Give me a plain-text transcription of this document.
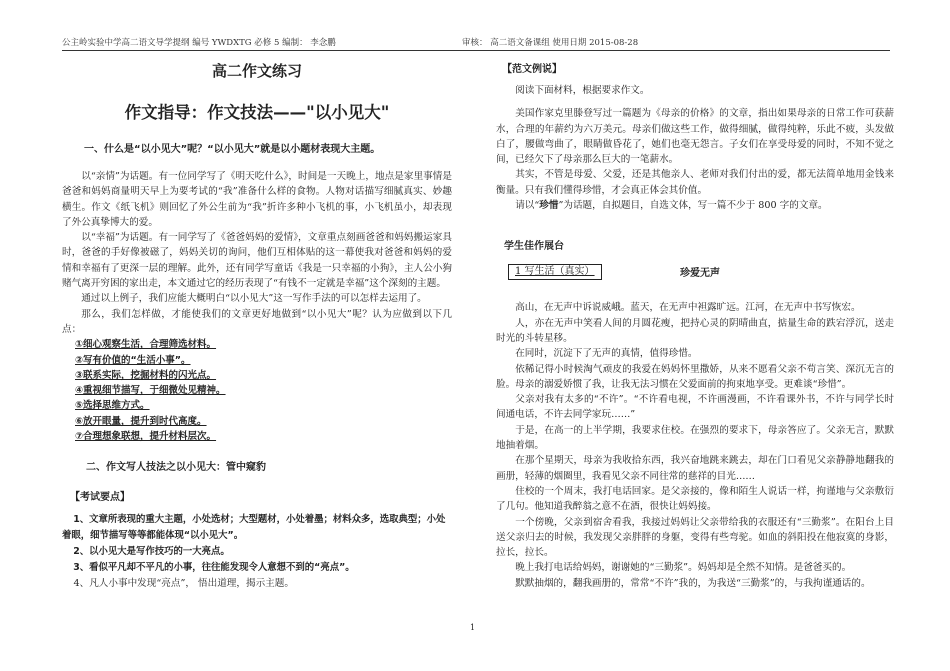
公主岭实验中学高二语文导学提纲 编号 YWDXTG 必修 5 编制： 李念鹏	审核： 高二语文备课组 使用日期 2015-08-28
高二作文练习
作文指导：作文技法——"以小见大"
一、什么是“以小见大”呢？“以小见大”就是以小题材表现大主题。

以“亲情”为话题。有一位同学写了《明天吃什么》，时间是一天晚上，地点是家里事情是爸爸和妈妈商量明天早上为要考试的“我”准备什么样的食物。人物对话描写细腻真实、妙趣横生。作文《纸飞机》则回忆了外公生前为“我”折许多种小飞机的事，小飞机虽小，却表现了外公真挚博大的爱。

以“幸福”为话题。有一同学写了《爸爸妈妈的爱情》，文章重点刻画爸爸和妈妈搬运家具时，爸爸的手好像被磁了，妈妈关切的询问，他们互相体贴的这一幕使我对爸爸和妈妈的爱情和幸福有了更深一层的理解。此外，还有同学写童话《我是一只幸福的小狗》，主人公小狗赌气离开穷困的家出走，本文通过它的经历表现了“有钱不一定就是幸福”这个深刻的主题。

通过以上例子，我们应能大概明白“以小见大”这一写作手法的可以怎样去运用了。

那么，我们怎样做，才能使我们的文章更好地做到“以小见大”呢？认为应做到以下几点：

①细心观察生活，合理筛选材料。
②写有价值的“生活小事”。
③联系实际，挖掘材料的闪光点。
④重视细节描写，于细微处见精神。
⑤选择思维方式。
⑥放开眼量，提升到时代高度。
⑦合理想象联想，提升材料层次。
二、作文写人技法之以小见大：管中窥豹
【考试要点】

1、文章所表现的重大主题，小处选材；大型题材，小处着墨；材料众多，选取典型；小处着眼，细节描写等等都能体现“以小见大”。

2、以小见大是写作技巧的一大亮点。

3、看似平凡却不平凡的小事，往往能发现令人意想不到的“亮点”。

4、凡人小事中发现“亮点”， 悟出道理，揭示主题。

【范文例说】

阅读下面材料，根据要求作文。

美国作家克里滕登写过一篇题为《母亲的价格》的文章，指出如果母亲的日常工作可获薪水，合理的年薪约为六万美元。母亲们做这些工作，做得细腻，做得纯粹，乐此不疲，头发做白了，腰做弯曲了，眼睛做昏花了，她们也毫无怨言。子女们在享受母爱的同时，不知不觉之间，已经欠下了母亲那么巨大的一笔薪水。

其实，不管是母爱、父爱，还是其他亲人、老师对我们付出的爱，都无法简单地用金钱来衡量。只有我们懂得珍惜，才会真正体会其价值。

请以“珍惜”为话题，自拟题目，自选文体，写一篇不少于 800 字的文章。

学生佳作展台
1 写生活（真实）	珍爱无声

高山，在无声中诉说威峨。蓝天，在无声中袒露旷远。江河，在无声中书写恢宏。

人，亦在无声中笑看人间的月圆花瘦，把持心灵的阴晴曲直，掂量生命的跌宕浮沉，送走时光的斗转星移。

在同时，沉淀下了无声的真情，值得珍惜。

依稀记得小时候淘气顽皮的我爱在妈妈怀里撒娇，从来不愿看父亲不苟言笑、深沉无言的脸。母亲的溺爱娇惯了我，让我无法习惯在父爱面前的拘束地享受。更难谈“珍惜”。

父亲对我有太多的“不许”。“不许看电视，不许画漫画，不许看课外书，不许与同学长时间通电话，不许去同学家玩……”

于是，在高一的上半学期，我要求住校。在强烈的要求下，母亲答应了。父亲无言，默默地抽着烟。

在那个星期天，母亲为我收拾东西，我兴奋地跳来跳去，却在门口看见父亲静静地翻我的画册，轻薄的烟圈里，我看见父亲不同往常的慈祥的目光……

住校的一个周末，我打电话回家。是父亲接的，像和陌生人说话一样，拘谨地与父亲敷衍了几句。他知道我醉翁之意不在酒，很快让妈妈接。

一个傍晚，父亲到宿舍看我，我接过妈妈让父亲带给我的衣服还有“三勤浆”。在阳台上目送父亲归去的时候，我发现父亲胖胖的身躯，变得有些弯驼。如血的斜阳投在他寂寞的身影，拉长，拉长。

晚上我打电话给妈妈，谢谢她的“三勤浆”。妈妈却是全然不知情。是爸爸买的。

默默抽烟的，翻我画册的，常常“不许”我的，为我送“三勤浆”的，与我拘谨通话的。

1
